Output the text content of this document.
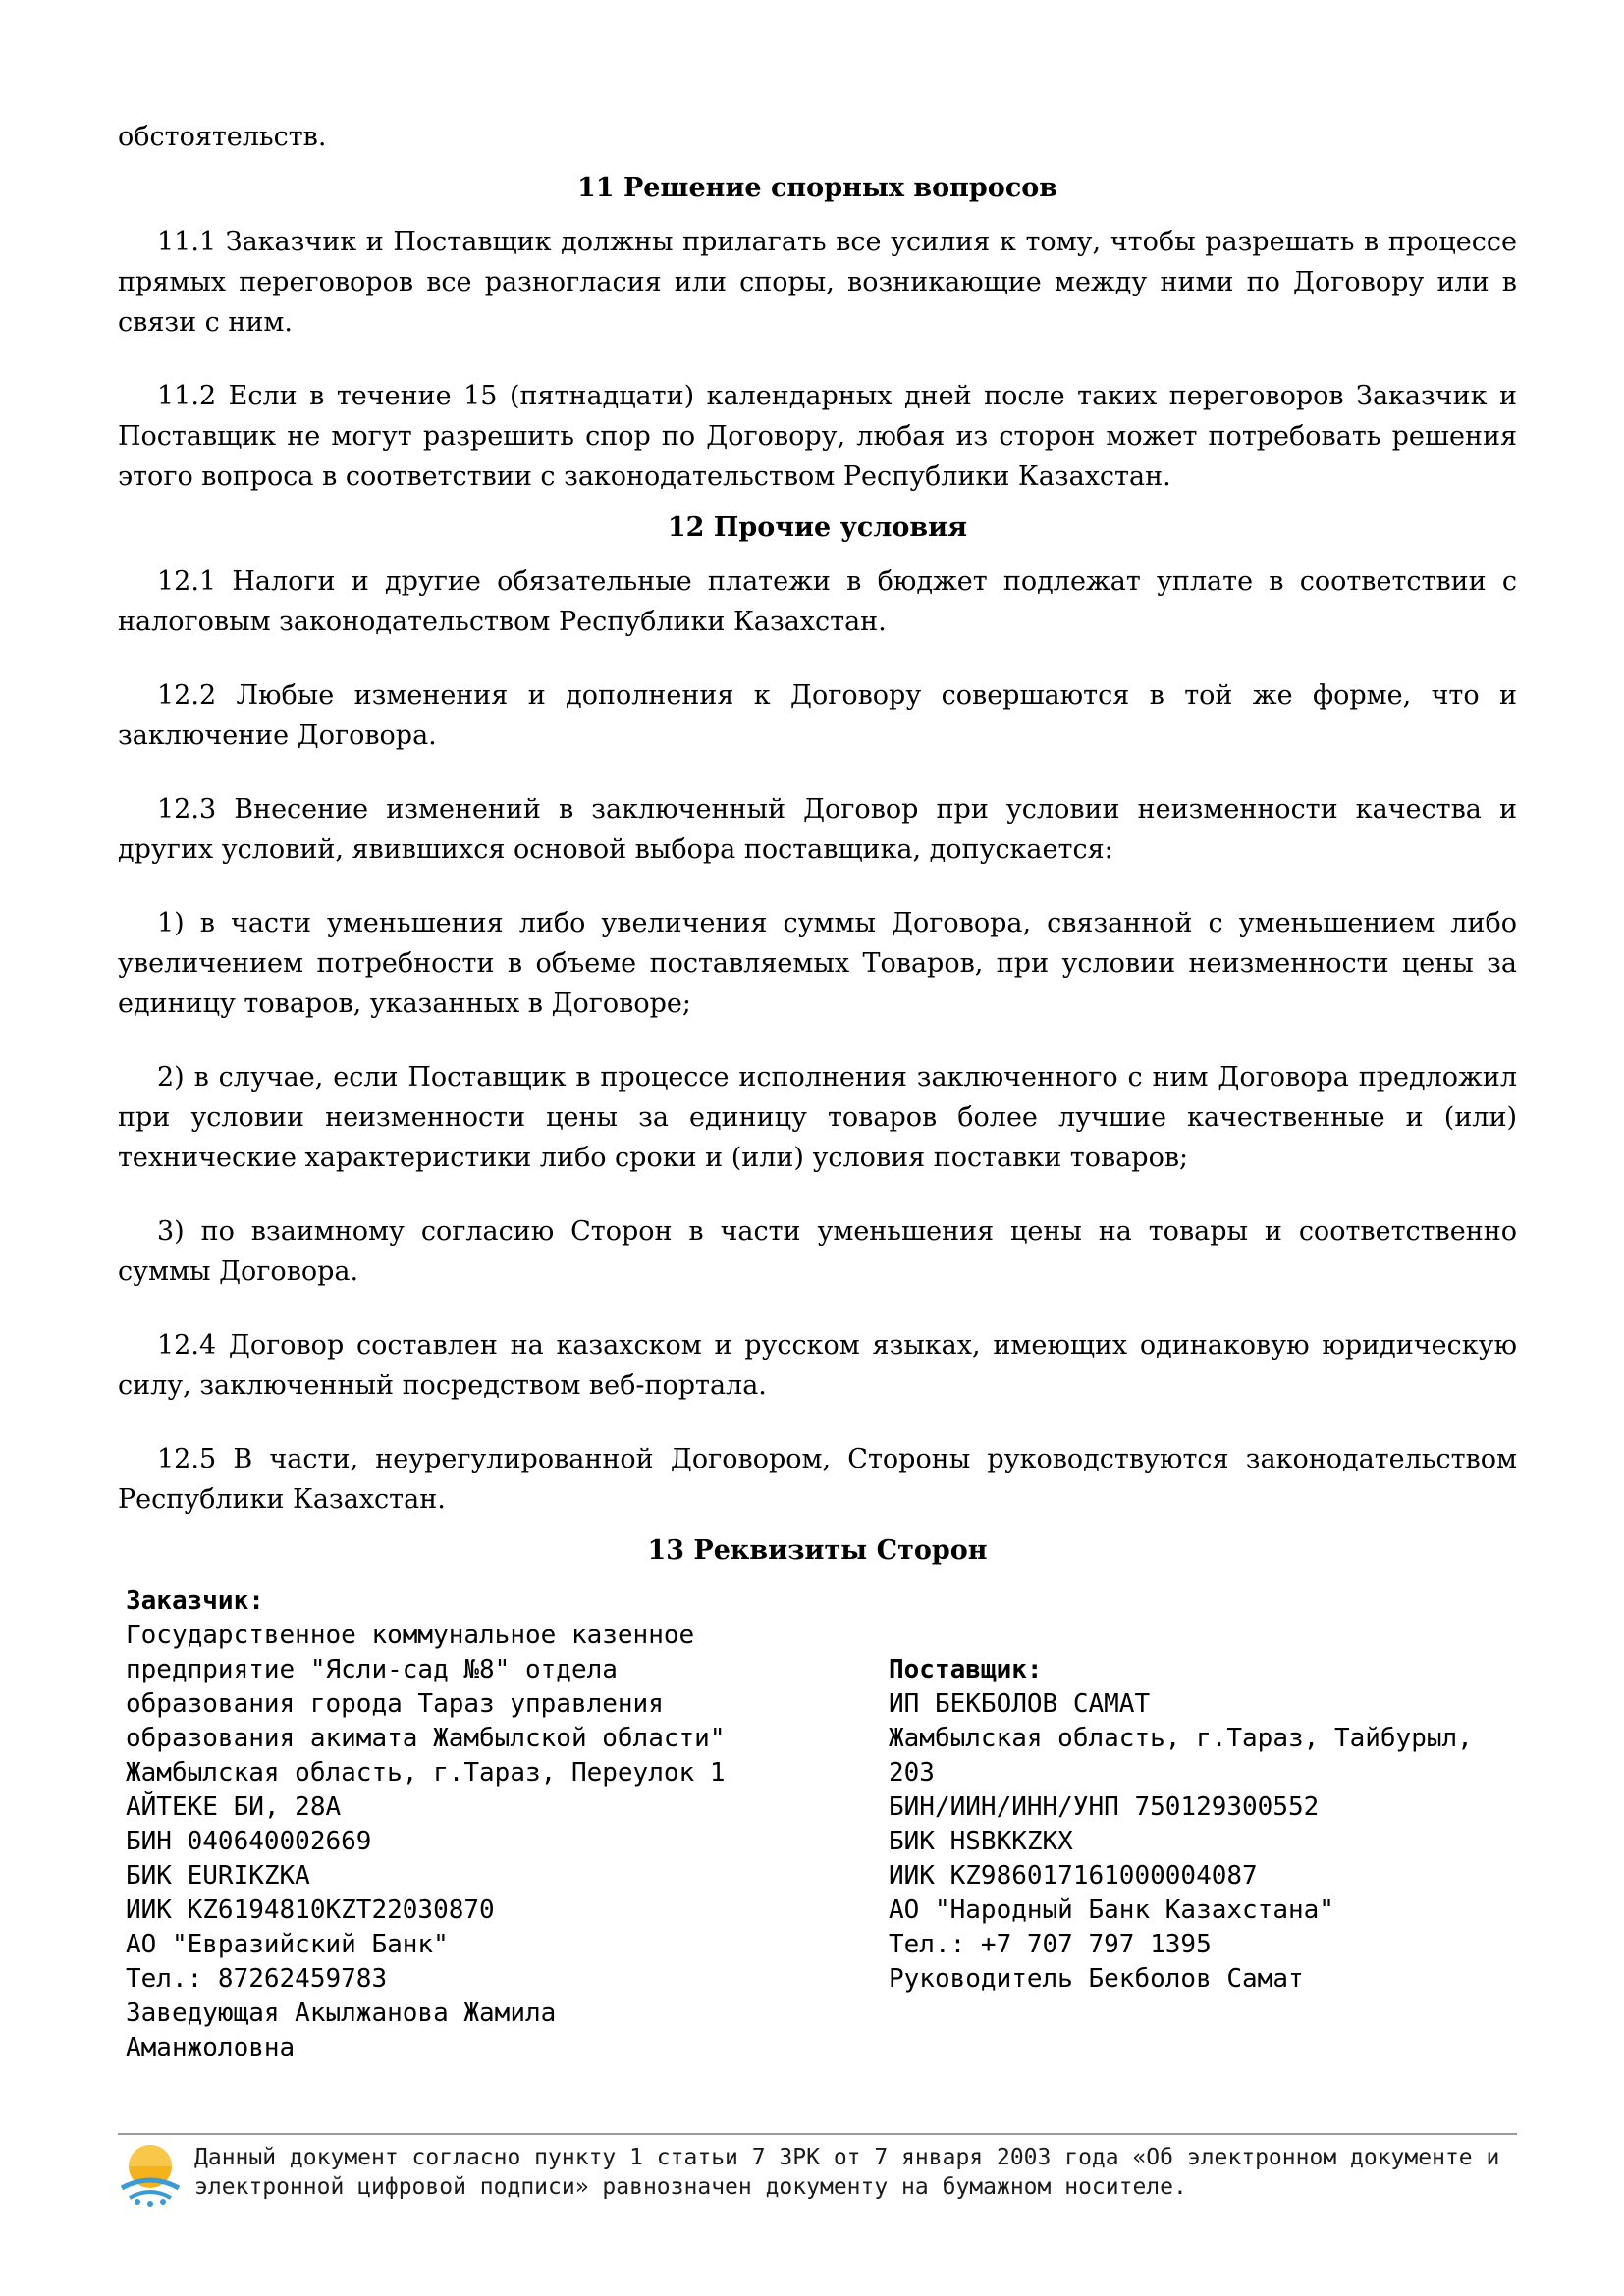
обстоятельств.

11 Решение спорных вопросов

11.1 Заказчик и Поставщик должны прилагать все усилия к тому, чтобы разрешать в процессе прямых переговоров все разногласия или споры, возникающие между ними по Договору или в связи с ним.

11.2 Если в течение 15 (пятнадцати) календарных дней после таких переговоров Заказчик и Поставщик не могут разрешить спор по Договору, любая из сторон может потребовать решения этого вопроса в соответствии с законодательством Республики Казахстан.

12 Прочие условия

12.1 Налоги и другие обязательные платежи в бюджет подлежат уплате в соответствии с налоговым законодательством Республики Казахстан.

12.2 Любые изменения и дополнения к Договору совершаются в той же форме, что и заключение Договора.

12.3 Внесение изменений в заключенный Договор при условии неизменности качества и других условий, явившихся основой выбора поставщика, допускается:

1) в части уменьшения либо увеличения суммы Договора, связанной с уменьшением либо увеличением потребности в объеме поставляемых Товаров, при условии неизменности цены за единицу товаров, указанных в Договоре;

2) в случае, если Поставщик в процессе исполнения заключенного с ним Договора предложил при условии неизменности цены за единицу товаров более лучшие качественные и (или) технические характеристики либо сроки и (или) условия поставки товаров;

3) по взаимному согласию Сторон в части уменьшения цены на товары и соответственно суммы Договора.

12.4 Договор составлен на казахском и русском языках, имеющих одинаковую юридическую силу, заключенный посредством веб-портала.

12.5 В части, неурегулированной Договором, Стороны руководствуются законодательством Республики Казахстан.

13 Реквизиты Сторон

Заказчик:

Государственное коммунальное казенное

предприятие "Ясли-сад №8" отдела

образования города Тараз управления

образования акимата Жамбылской области"

Жамбылская область, г.Тараз, Переулок 1

АЙТЕКЕ БИ, 28А

БИН 040640002669

БИК EURIKZKA

ИИК KZ6194810KZT22030870

АО "Евразийский Банк"

Тел.: 87262459783

Заведующая Акылжанова Жамила

Аманжоловна

Поставщик:

ИП БЕКБОЛОВ САМАТ

Жамбылская область, г.Тараз, Тайбурыл,

203

БИН/ИИН/ИНН/УНП 750129300552

БИК HSBKKZKX

ИИК KZ986017161000004087

АО "Народный Банк Казахстана"

Тел.: +7 707 797 1395

Руководитель Бекболов Самат

Данный документ согласно пункту 1 статьи 7 ЗРК от 7 января 2003 года «Об электронном документе и

электронной цифровой подписи» равнозначен документу на бумажном носителе.
